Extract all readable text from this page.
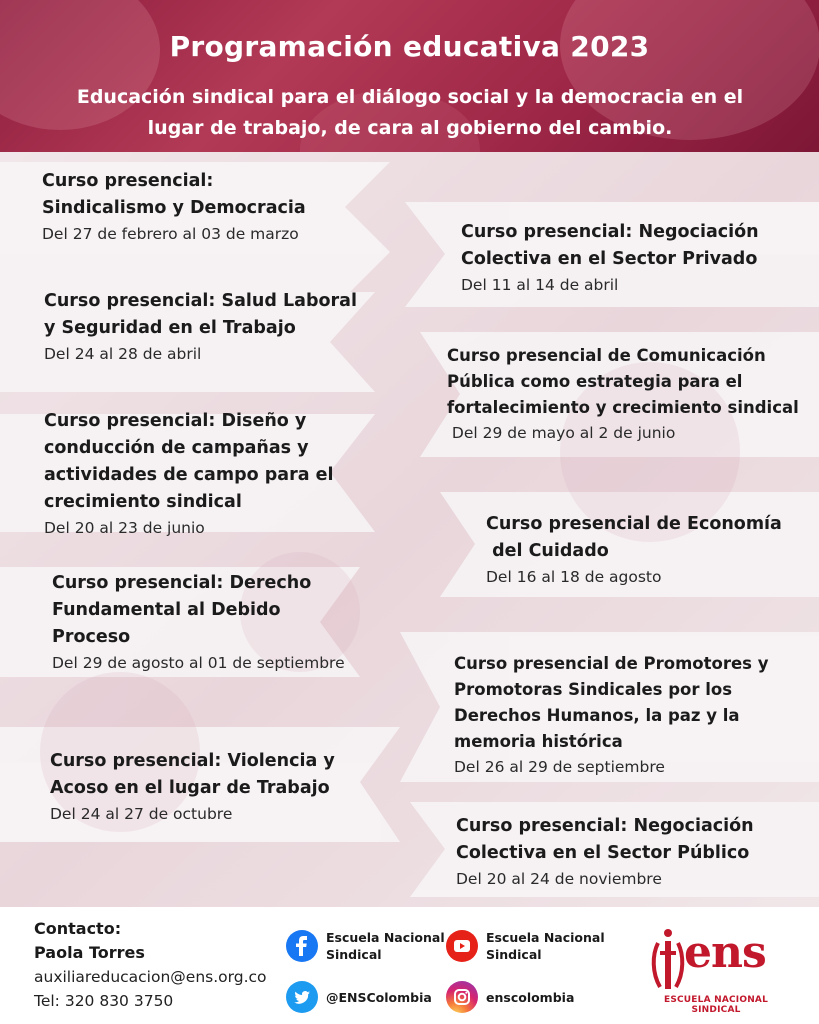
Programación educativa 2023
Educación sindical para el diálogo social y la democracia en el lugar de trabajo, de cara al gobierno del cambio.
Curso presencial:
Sindicalismo y Democracia
Del 27 de febrero al 03 de marzo	Curso presencial: Negociación
Colectiva en el Sector Privado
Del 11 al 14 de abril
Curso presencial: Salud Laboral
y Seguridad en el Trabajo
Del 24 al 28 de abril	Curso presencial de Comunicación
Pública como estrategia para el
fortalecimiento y crecimiento sindical
Del 29 de mayo al 2 de junio
Curso presencial: Diseño y
conducción de campañas y
actividades de campo para el
crecimiento sindical
Del 20 al 23 de junio	Curso presencial de Economía
del Cuidado
Del 16 al 18 de agosto
Curso presencial: Derecho
Fundamental al Debido
Proceso
Del 29 de agosto al 01 de septiembre	Curso presencial de Promotores y
Promotoras Sindicales por los
Derechos Humanos, la paz y la
memoria histórica
Del 26 al 29 de septiembre
Curso presencial: Violencia y
Acoso en el lugar de Trabajo
Del 24 al 27 de octubre
Curso presencial: Negociación
Colectiva en el Sector Público
Del 20 al 24 de noviembre
Contacto:
Paola Torres
auxiliareducacion@ens.org.co
Tel: 320 830 3750
Escuela Nacional
Sindical
Escuela Nacional
Sindical
@ENSColombia	enscolombia
ens
ESCUELA NACIONAL SINDICAL
